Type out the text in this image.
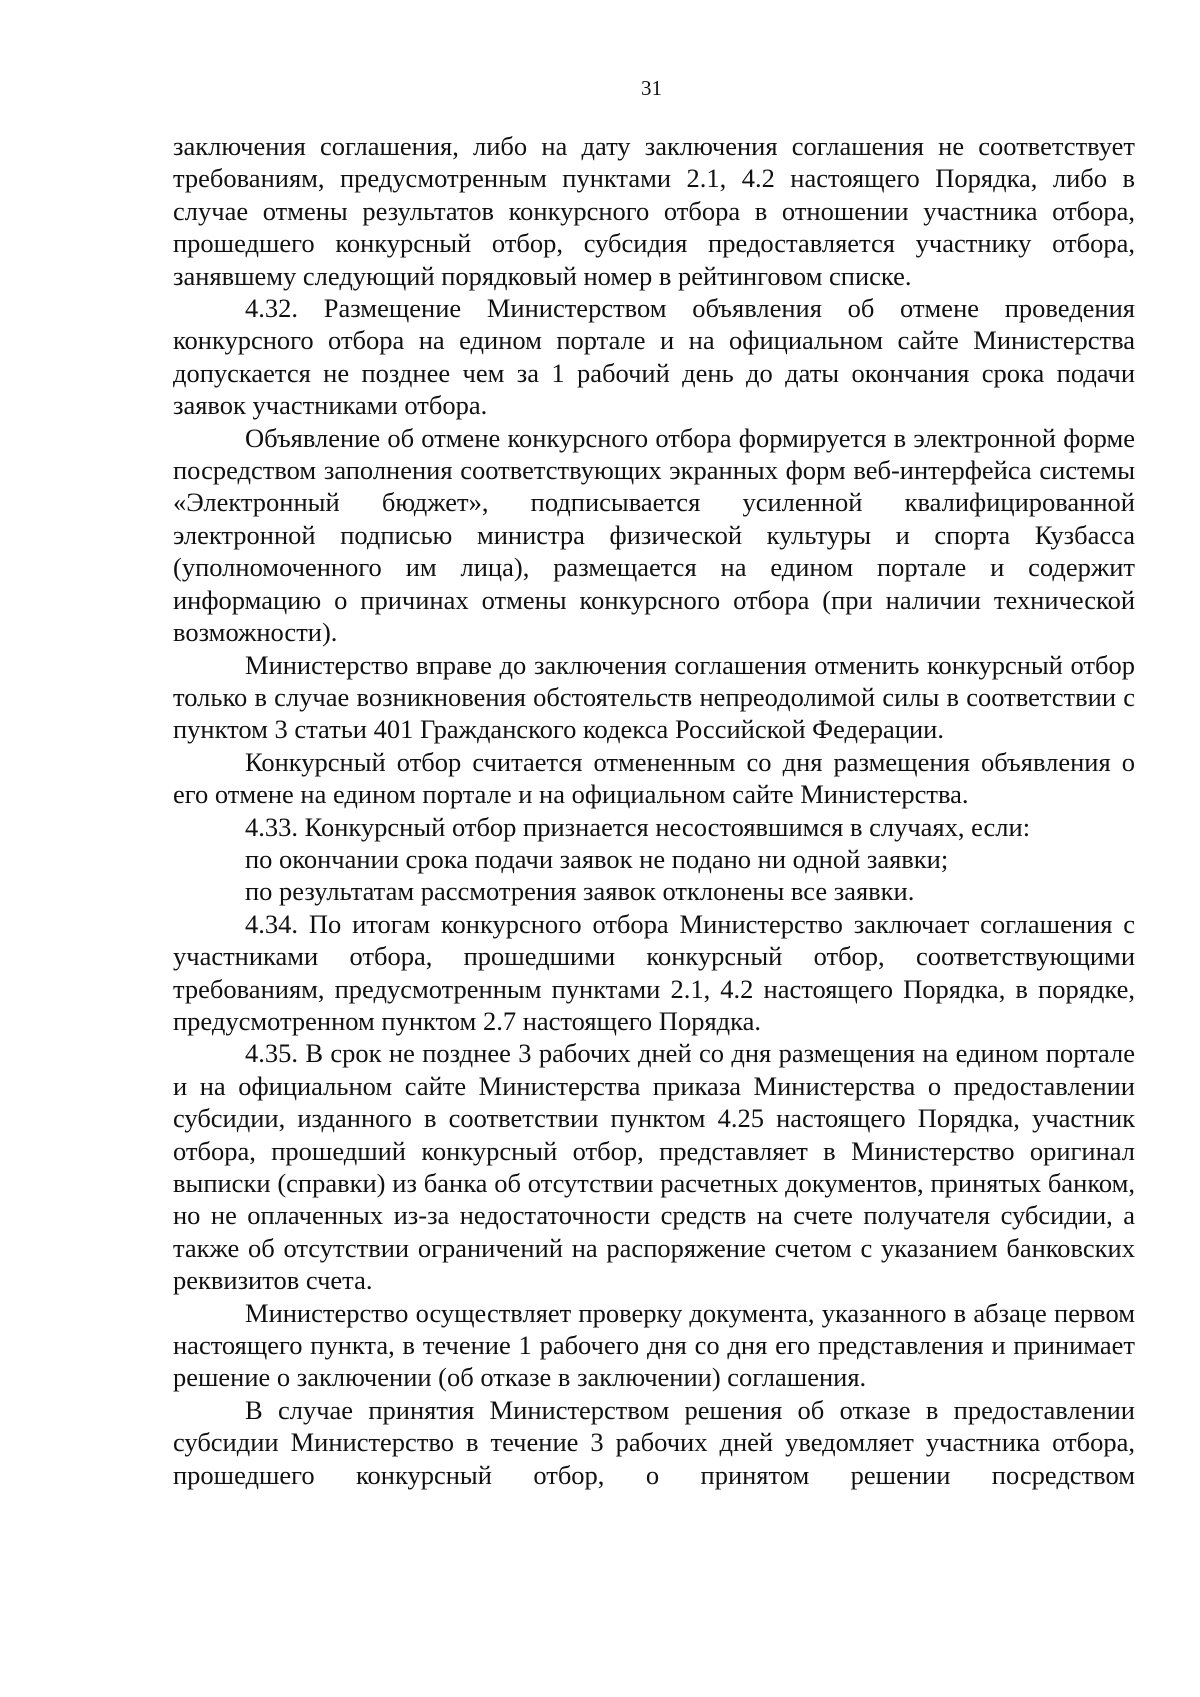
31

заключения соглашения, либо на дату заключения соглашения не соответствует требованиям, предусмотренным пунктами 2.1, 4.2 настоящего Порядка, либо в случае отмены результатов конкурсного отбора в отношении участника отбора, прошедшего конкурсный отбор, субсидия предоставляется участнику отбора, занявшему следующий порядковый номер в рейтинговом списке.

4.32. Размещение Министерством объявления об отмене проведения конкурсного отбора на едином портале и на официальном сайте Министерства допускается не позднее чем за 1 рабочий день до даты окончания срока подачи заявок участниками отбора.

Объявление об отмене конкурсного отбора формируется в электронной форме посредством заполнения соответствующих экранных форм веб-интерфейса системы «Электронный бюджет», подписывается усиленной квалифицированной электронной подписью министра физической культуры и спорта Кузбасса (уполномоченного им лица), размещается на едином портале и содержит информацию о причинах отмены конкурсного отбора (при наличии технической возможности).

Министерство вправе до заключения соглашения отменить конкурсный отбор только в случае возникновения обстоятельств непреодолимой силы в соответствии с пунктом 3 статьи 401 Гражданского кодекса Российской Федерации.

Конкурсный отбор считается отмененным со дня размещения объявления о его отмене на едином портале и на официальном сайте Министерства.

4.33. Конкурсный отбор признается несостоявшимся в случаях, если:

по окончании срока подачи заявок не подано ни одной заявки;

по результатам рассмотрения заявок отклонены все заявки.

4.34. По итогам конкурсного отбора Министерство заключает соглашения с участниками отбора, прошедшими конкурсный отбор, соответствующими требованиям, предусмотренным пунктами 2.1, 4.2 настоящего Порядка, в порядке, предусмотренном пунктом 2.7 настоящего Порядка.

4.35. В срок не позднее 3 рабочих дней со дня размещения на едином портале и на официальном сайте Министерства приказа Министерства о предоставлении субсидии, изданного в соответствии пунктом 4.25 настоящего Порядка, участник отбора, прошедший конкурсный отбор, представляет в Министерство оригинал выписки (справки) из банка об отсутствии расчетных документов, принятых банком, но не оплаченных из-за недостаточности средств на счете получателя субсидии, а также об отсутствии ограничений на распоряжение счетом с указанием банковских реквизитов счета.

Министерство осуществляет проверку документа, указанного в абзаце первом настоящего пункта, в течение 1 рабочего дня со дня его представления и принимает решение о заключении (об отказе в заключении) соглашения.

В случае принятия Министерством решения об отказе в предоставлении субсидии Министерство в течение 3 рабочих дней уведомляет участника отбора, прошедшего конкурсный отбор, о принятом решении посредством
